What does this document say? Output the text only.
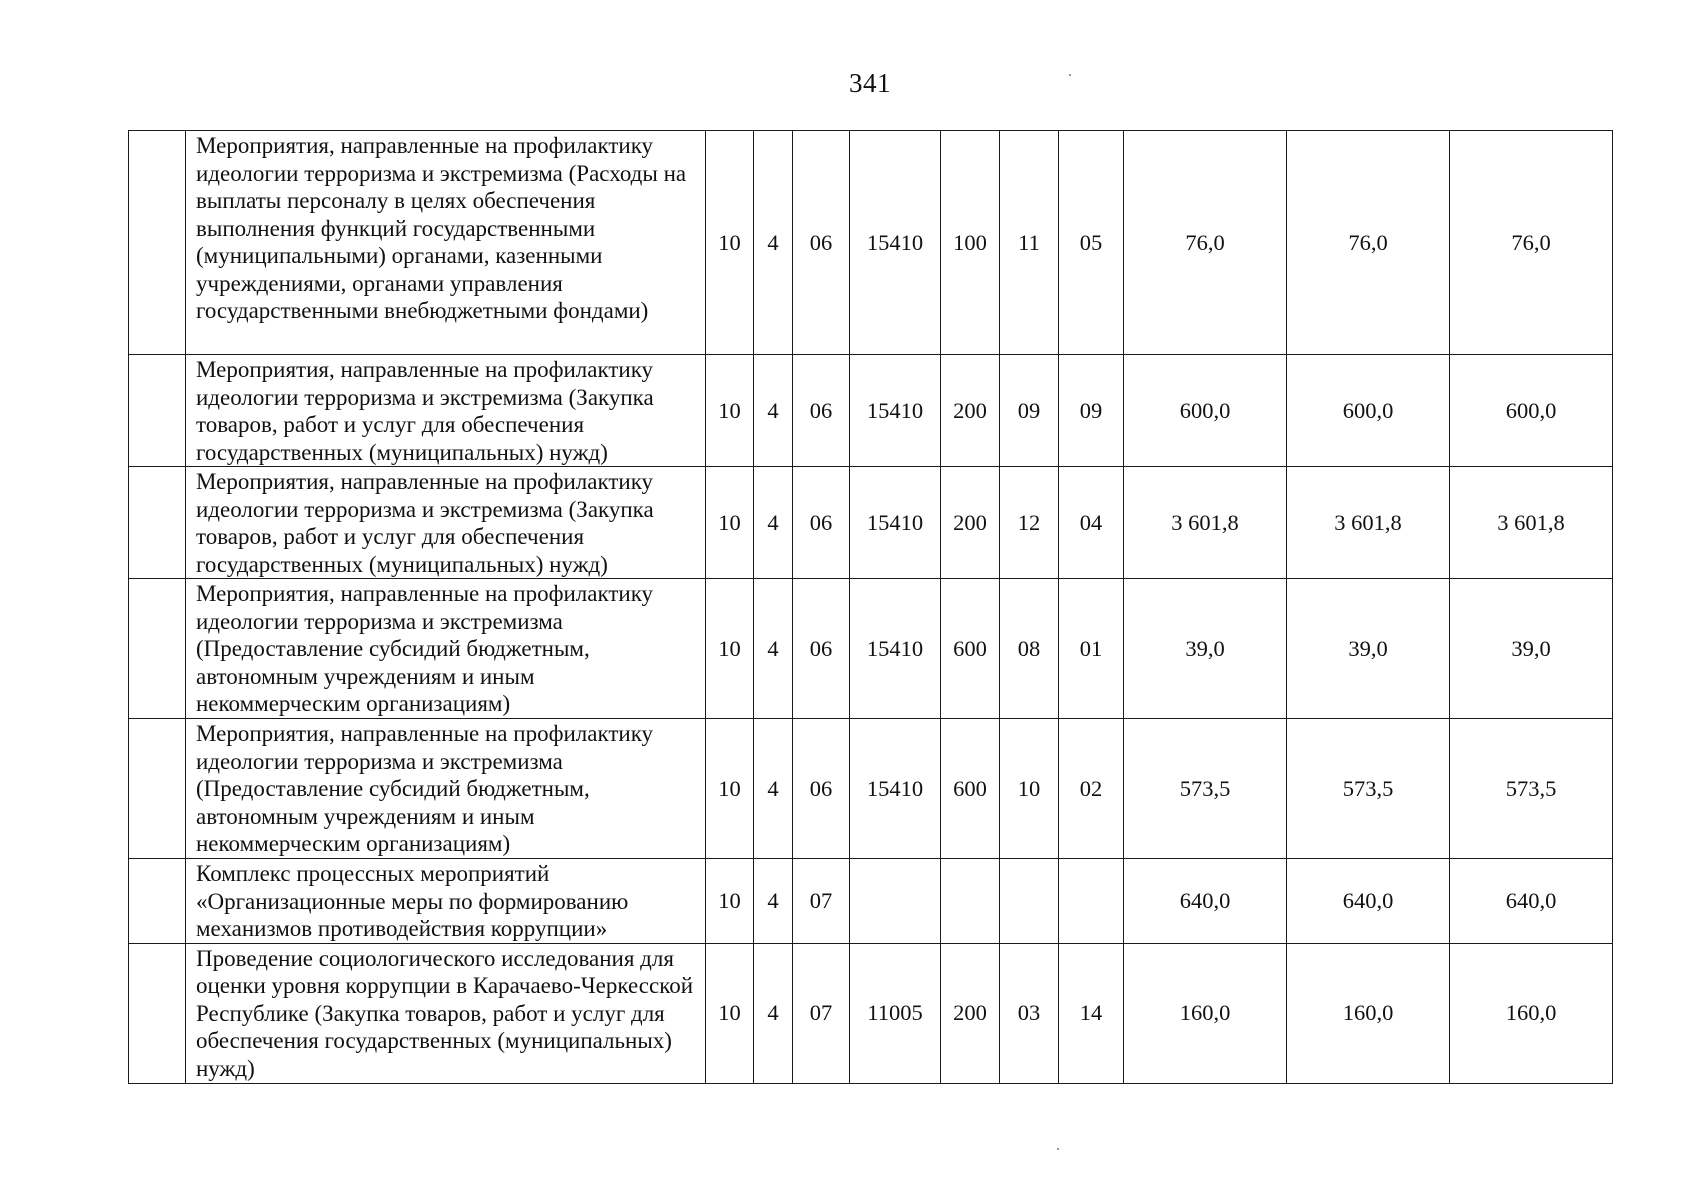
341
	Мероприятия, направленные на профилактику идеологии терроризма и экстремизма (Расходы на выплаты персоналу в целях обеспечения выполнения функций государственными (муниципальными) органами, казенными учреждениями, органами управления государственными внебюджетными фондами)	10	4	06	15410	100	11	05	76,0	76,0	76,0
	Мероприятия, направленные на профилактику идеологии терроризма и экстремизма (Закупка товаров, работ и услуг для обеспечения государственных (муниципальных) нужд)	10	4	06	15410	200	09	09	600,0	600,0	600,0
	Мероприятия, направленные на профилактику идеологии терроризма и экстремизма (Закупка товаров, работ и услуг для обеспечения государственных (муниципальных) нужд)	10	4	06	15410	200	12	04	3 601,8	3 601,8	3 601,8
	Мероприятия, направленные на профилактику идеологии терроризма и экстремизма (Предоставление субсидий бюджетным, автономным учреждениям и иным некоммерческим организациям)	10	4	06	15410	600	08	01	39,0	39,0	39,0
	Мероприятия, направленные на профилактику идеологии терроризма и экстремизма (Предоставление субсидий бюджетным, автономным учреждениям и иным некоммерческим организациям)	10	4	06	15410	600	10	02	573,5	573,5	573,5
	Комплекс процессных мероприятий «Организационные меры по формированию механизмов противодействия коррупции»	10	4	07					640,0	640,0	640,0
	Проведение социологического исследования для оценки уровня коррупции в Карачаево-Черкесской Республике (Закупка товаров, работ и услуг для обеспечения государственных (муниципальных) нужд)	10	4	07	11005	200	03	14	160,0	160,0	160,0
